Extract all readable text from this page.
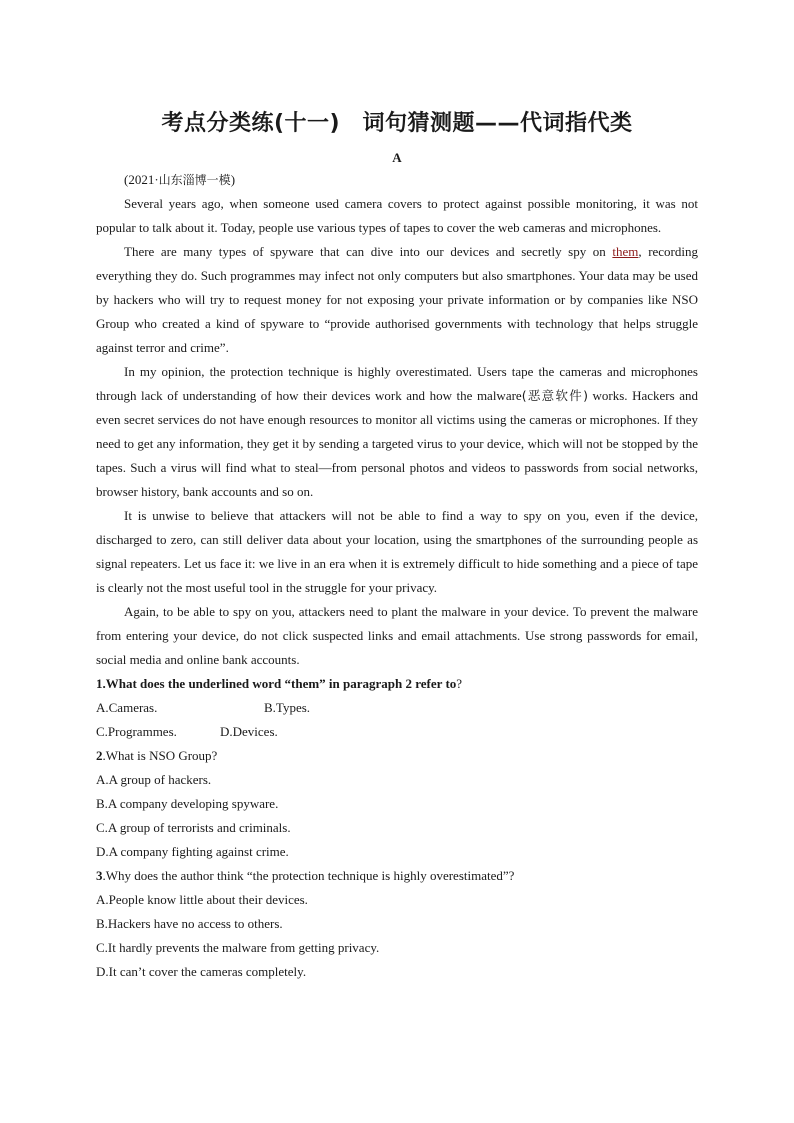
考点分类练(十一)　词句猜测题——代词指代类
A
(2021·山东淄博一模)

Several years ago, when someone used camera covers to protect against possible monitoring, it was not popular to talk about it. Today, people use various types of tapes to cover the web cameras and microphones.

There are many types of spyware that can dive into our devices and secretly spy on them, recording everything they do. Such programmes may infect not only computers but also smartphones. Your data may be used by hackers who will try to request money for not exposing your private information or by companies like NSO Group who created a kind of spyware to “provide authorised governments with technology that helps struggle against terror and crime”.

In my opinion, the protection technique is highly overestimated. Users tape the cameras and microphones through lack of understanding of how their devices work and how the malware(恶意软件) works. Hackers and even secret services do not have enough resources to monitor all victims using the cameras or microphones. If they need to get any information, they get it by sending a targeted virus to your device, which will not be stopped by the tapes. Such a virus will find what to steal—from personal photos and videos to passwords from social networks, browser history, bank accounts and so on.

It is unwise to believe that attackers will not be able to find a way to spy on you, even if the device, discharged to zero, can still deliver data about your location, using the smartphones of the surrounding people as signal repeaters. Let us face it: we live in an era when it is extremely difficult to hide something and a piece of tape is clearly not the most useful tool in the struggle for your privacy.

Again, to be able to spy on you, attackers need to plant the malware in your device. To prevent the malware from entering your device, do not click suspected links and email attachments. Use strong passwords for email, social media and online bank accounts.

1.What does the underlined word “them” in paragraph 2 refer to?

A.Cameras.	B.Types.
C.Programmes.	D.Devices.

2.What is NSO Group?

A.A group of hackers.
B.A company developing spyware.
C.A group of terrorists and criminals.
D.A company fighting against crime.

3.Why does the author think “the protection technique is highly overestimated”?

A.People know little about their devices.
B.Hackers have no access to others.
C.It hardly prevents the malware from getting privacy.
D.It can’t cover the cameras completely.
